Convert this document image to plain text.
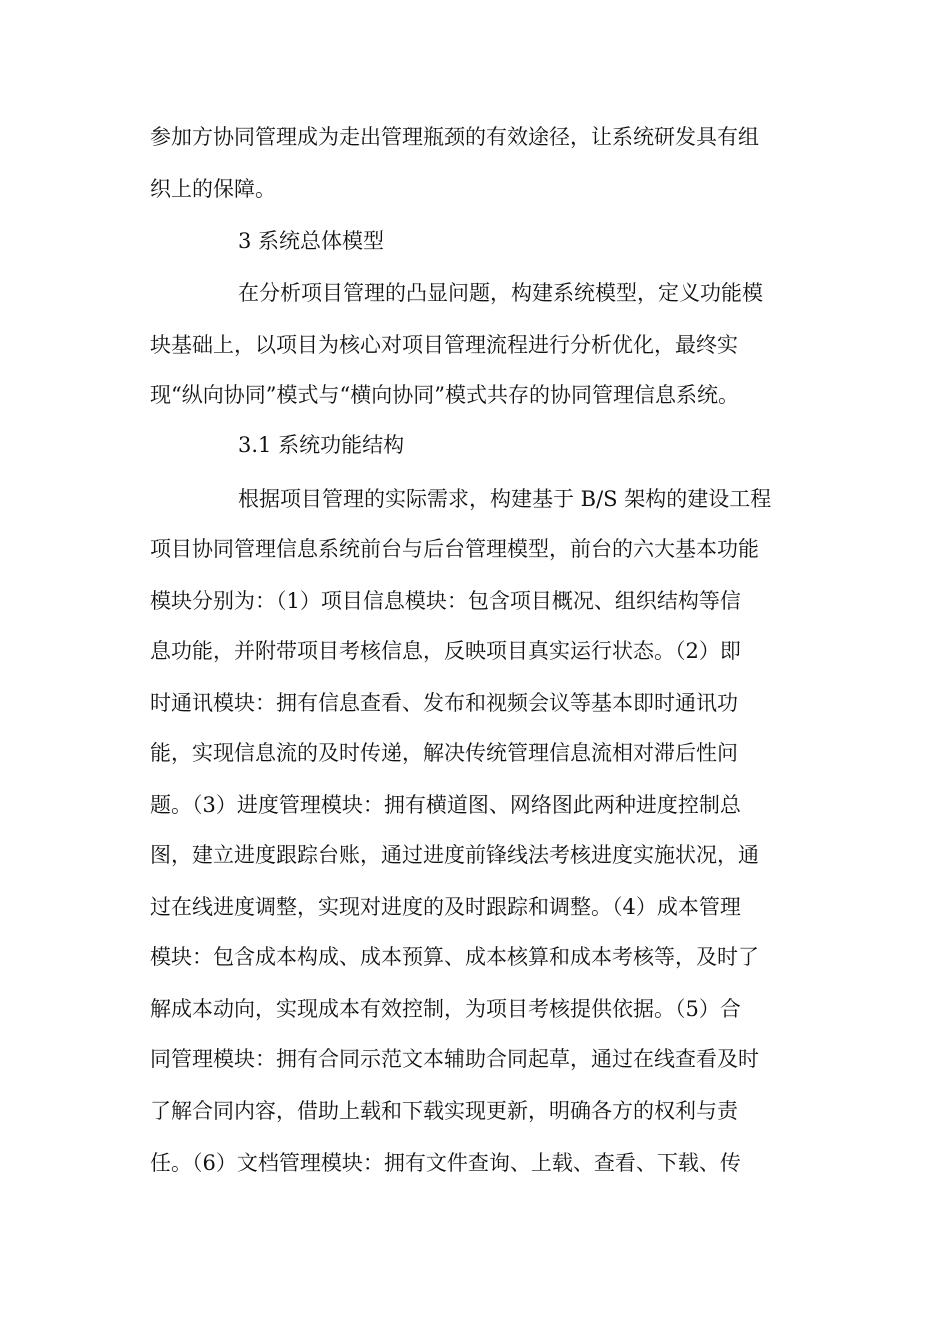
参加方协同管理成为走出管理瓶颈的有效途径，让系统研发具有组
织上的保障。
3 系统总体模型
在分析项目管理的凸显问题，构建系统模型，定义功能模
块基础上，以项目为核心对项目管理流程进行分析优化，最终实
现“纵向协同”模式与“横向协同”模式共存的协同管理信息系统。
3.1 系统功能结构
根据项目管理的实际需求，构建基于 B/S 架构的建设工程
项目协同管理信息系统前台与后台管理模型，前台的六大基本功能
模块分别为：（1）项目信息模块：包含项目概况、组织结构等信
息功能，并附带项目考核信息，反映项目真实运行状态。（2）即
时通讯模块：拥有信息查看、发布和视频会议等基本即时通讯功
能，实现信息流的及时传递，解决传统管理信息流相对滞后性问
题。（3）进度管理模块：拥有横道图、网络图此两种进度控制总
图，建立进度跟踪台账，通过进度前锋线法考核进度实施状况，通
过在线进度调整，实现对进度的及时跟踪和调整。（4）成本管理
模块：包含成本构成、成本预算、成本核算和成本考核等，及时了
解成本动向，实现成本有效控制，为项目考核提供依据。（5）合
同管理模块：拥有合同示范文本辅助合同起草，通过在线查看及时
了解合同内容，借助上载和下载实现更新，明确各方的权利与责
任。（6）文档管理模块：拥有文件查询、上载、查看、下载、传
